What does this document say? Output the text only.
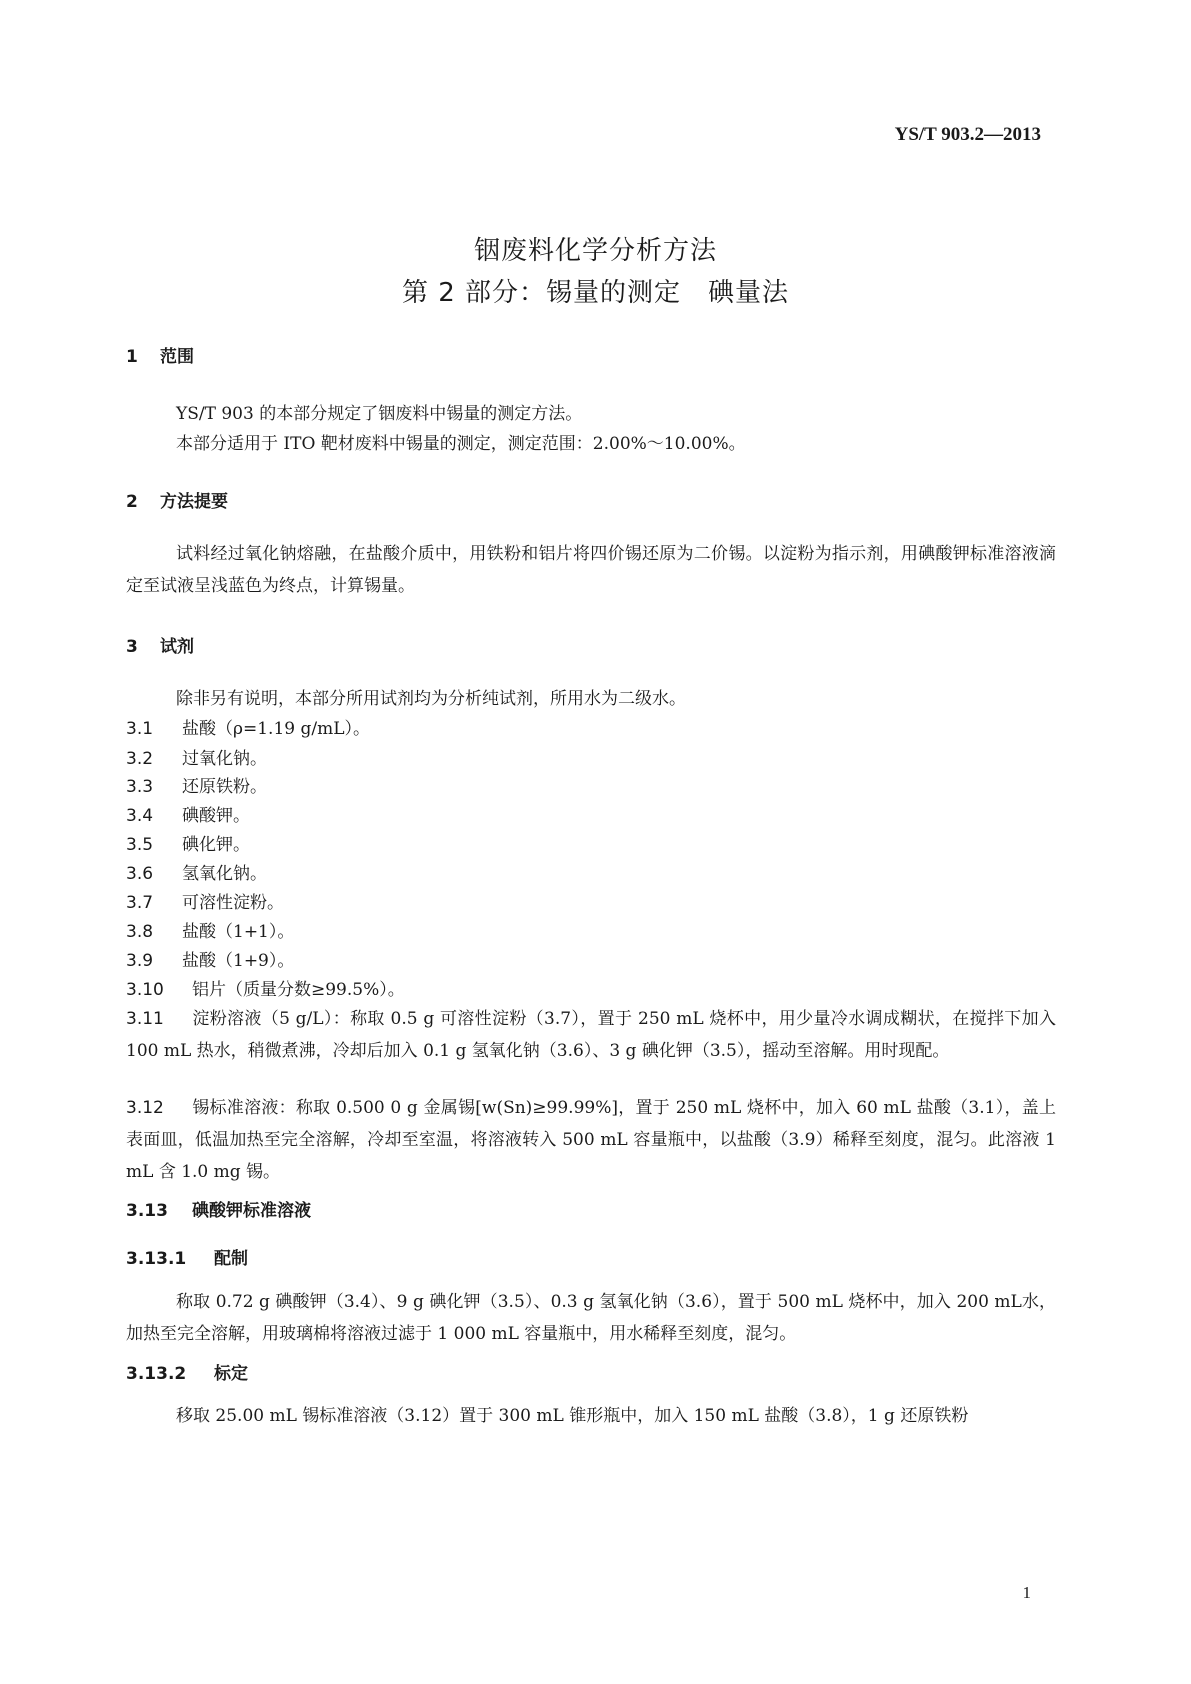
YS/T 903.2—2013
铟废料化学分析方法
第 2 部分：锡量的测定　碘量法
1 范围
YS/T 903 的本部分规定了铟废料中锡量的测定方法。
本部分适用于 ITO 靶材废料中锡量的测定，测定范围：2.00%～10.00%。
2 方法提要
试料经过氧化钠熔融，在盐酸介质中，用铁粉和铝片将四价锡还原为二价锡。以淀粉为指示剂，用碘酸钾标准溶液滴定至试液呈浅蓝色为终点，计算锡量。
3 试剂
除非另有说明，本部分所用试剂均为分析纯试剂，所用水为二级水。
3.1 盐酸（ρ=1.19 g/mL）。
3.2 过氧化钠。
3.3 还原铁粉。
3.4 碘酸钾。
3.5 碘化钾。
3.6 氢氧化钠。
3.7 可溶性淀粉。
3.8 盐酸（1+1）。
3.9 盐酸（1+9）。
3.10 铝片（质量分数≥99.5%）。
3.11 淀粉溶液（5 g/L）：称取 0.5 g 可溶性淀粉（3.7），置于 250 mL 烧杯中，用少量冷水调成糊状，在搅拌下加入 100 mL 热水，稍微煮沸，冷却后加入 0.1 g 氢氧化钠（3.6）、3 g 碘化钾（3.5），摇动至溶解。用时现配。
3.12 锡标准溶液：称取 0.500 0 g 金属锡[w(Sn)≥99.99%]，置于 250 mL 烧杯中，加入 60 mL 盐酸（3.1），盖上表面皿，低温加热至完全溶解，冷却至室温，将溶液转入 500 mL 容量瓶中，以盐酸（3.9）稀释至刻度，混匀。此溶液 1 mL 含 1.0 mg 锡。
3.13 碘酸钾标准溶液
3.13.1 配制
称取 0.72 g 碘酸钾（3.4）、9 g 碘化钾（3.5）、0.3 g 氢氧化钠（3.6），置于 500 mL 烧杯中，加入 200 mL水，加热至完全溶解，用玻璃棉将溶液过滤于 1 000 mL 容量瓶中，用水稀释至刻度，混匀。
3.13.2 标定
移取 25.00 mL 锡标准溶液（3.12）置于 300 mL 锥形瓶中，加入 150 mL 盐酸（3.8），1 g 还原铁粉
1
